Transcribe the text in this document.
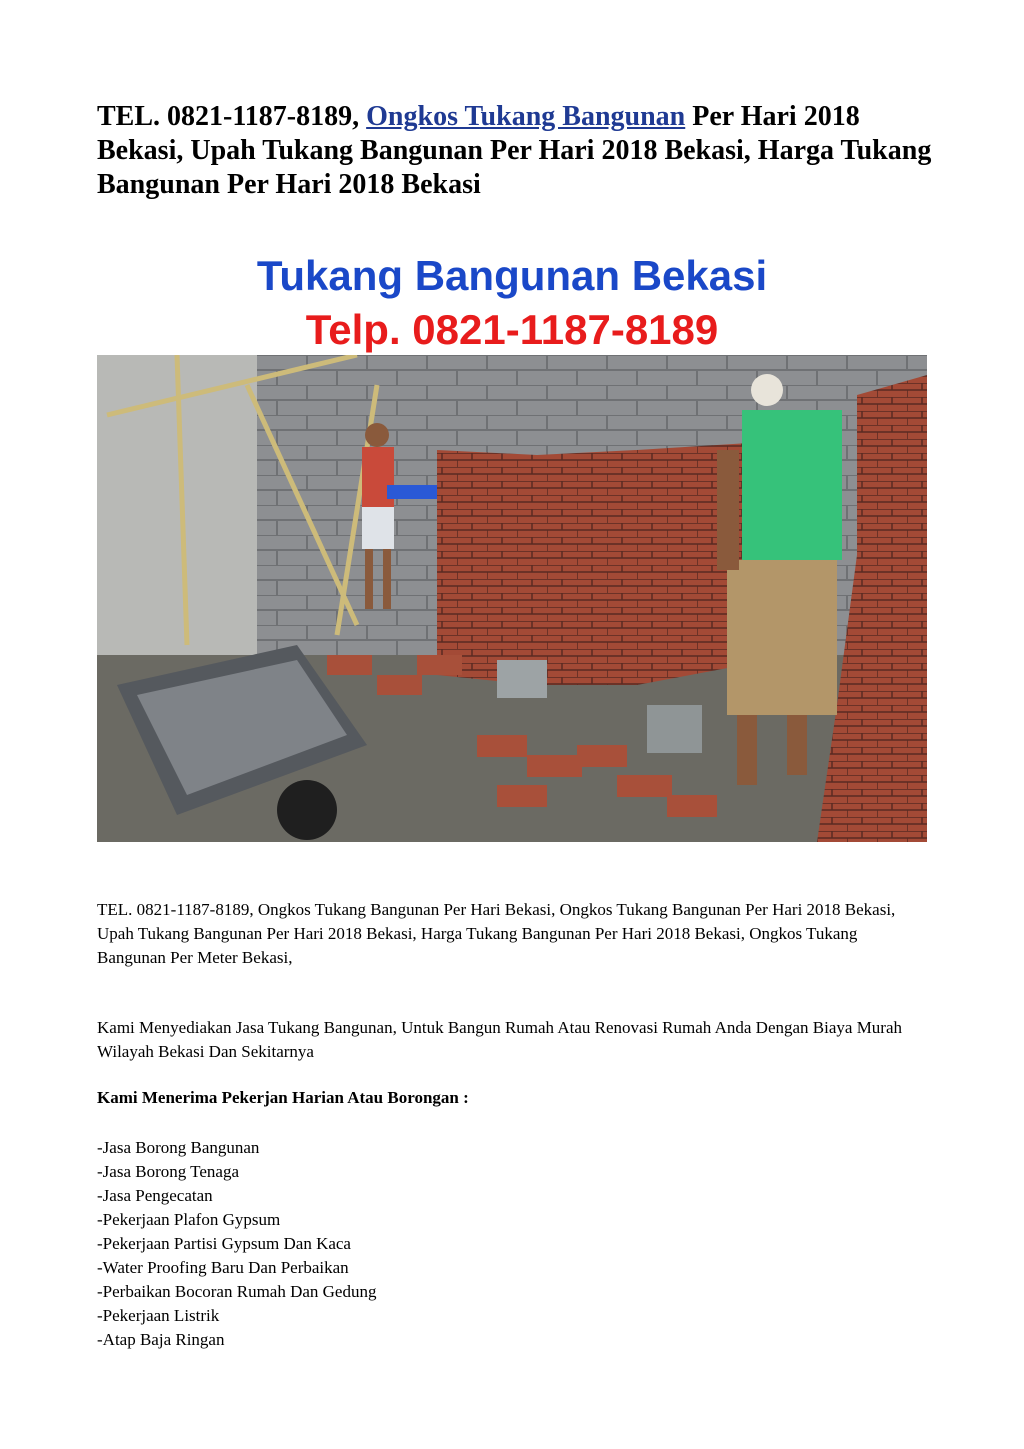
TEL. 0821-1187-8189, Ongkos Tukang Bangunan Per Hari 2018 Bekasi, Upah Tukang Bangunan Per Hari 2018 Bekasi, Harga Tukang Bangunan Per Hari 2018 Bekasi
Tukang Bangunan Bekasi
Telp. 0821-1187-8189

TEL. 0821-1187-8189, Ongkos Tukang Bangunan Per Hari Bekasi, Ongkos Tukang Bangunan Per Hari 2018 Bekasi, Upah Tukang Bangunan Per Hari 2018 Bekasi, Harga Tukang Bangunan Per Hari 2018 Bekasi, Ongkos Tukang Bangunan Per Meter Bekasi,

Kami Menyediakan Jasa Tukang Bangunan, Untuk Bangun Rumah Atau Renovasi Rumah Anda Dengan Biaya Murah Wilayah Bekasi Dan Sekitarnya

Kami Menerima Pekerjan Harian Atau Borongan :

-Jasa Borong Bangunan
-Jasa Borong Tenaga
-Jasa Pengecatan
-Pekerjaan Plafon Gypsum
-Pekerjaan Partisi Gypsum Dan Kaca
-Water Proofing Baru Dan Perbaikan
-Perbaikan Bocoran Rumah Dan Gedung
-Pekerjaan Listrik
-Atap Baja Ringan
